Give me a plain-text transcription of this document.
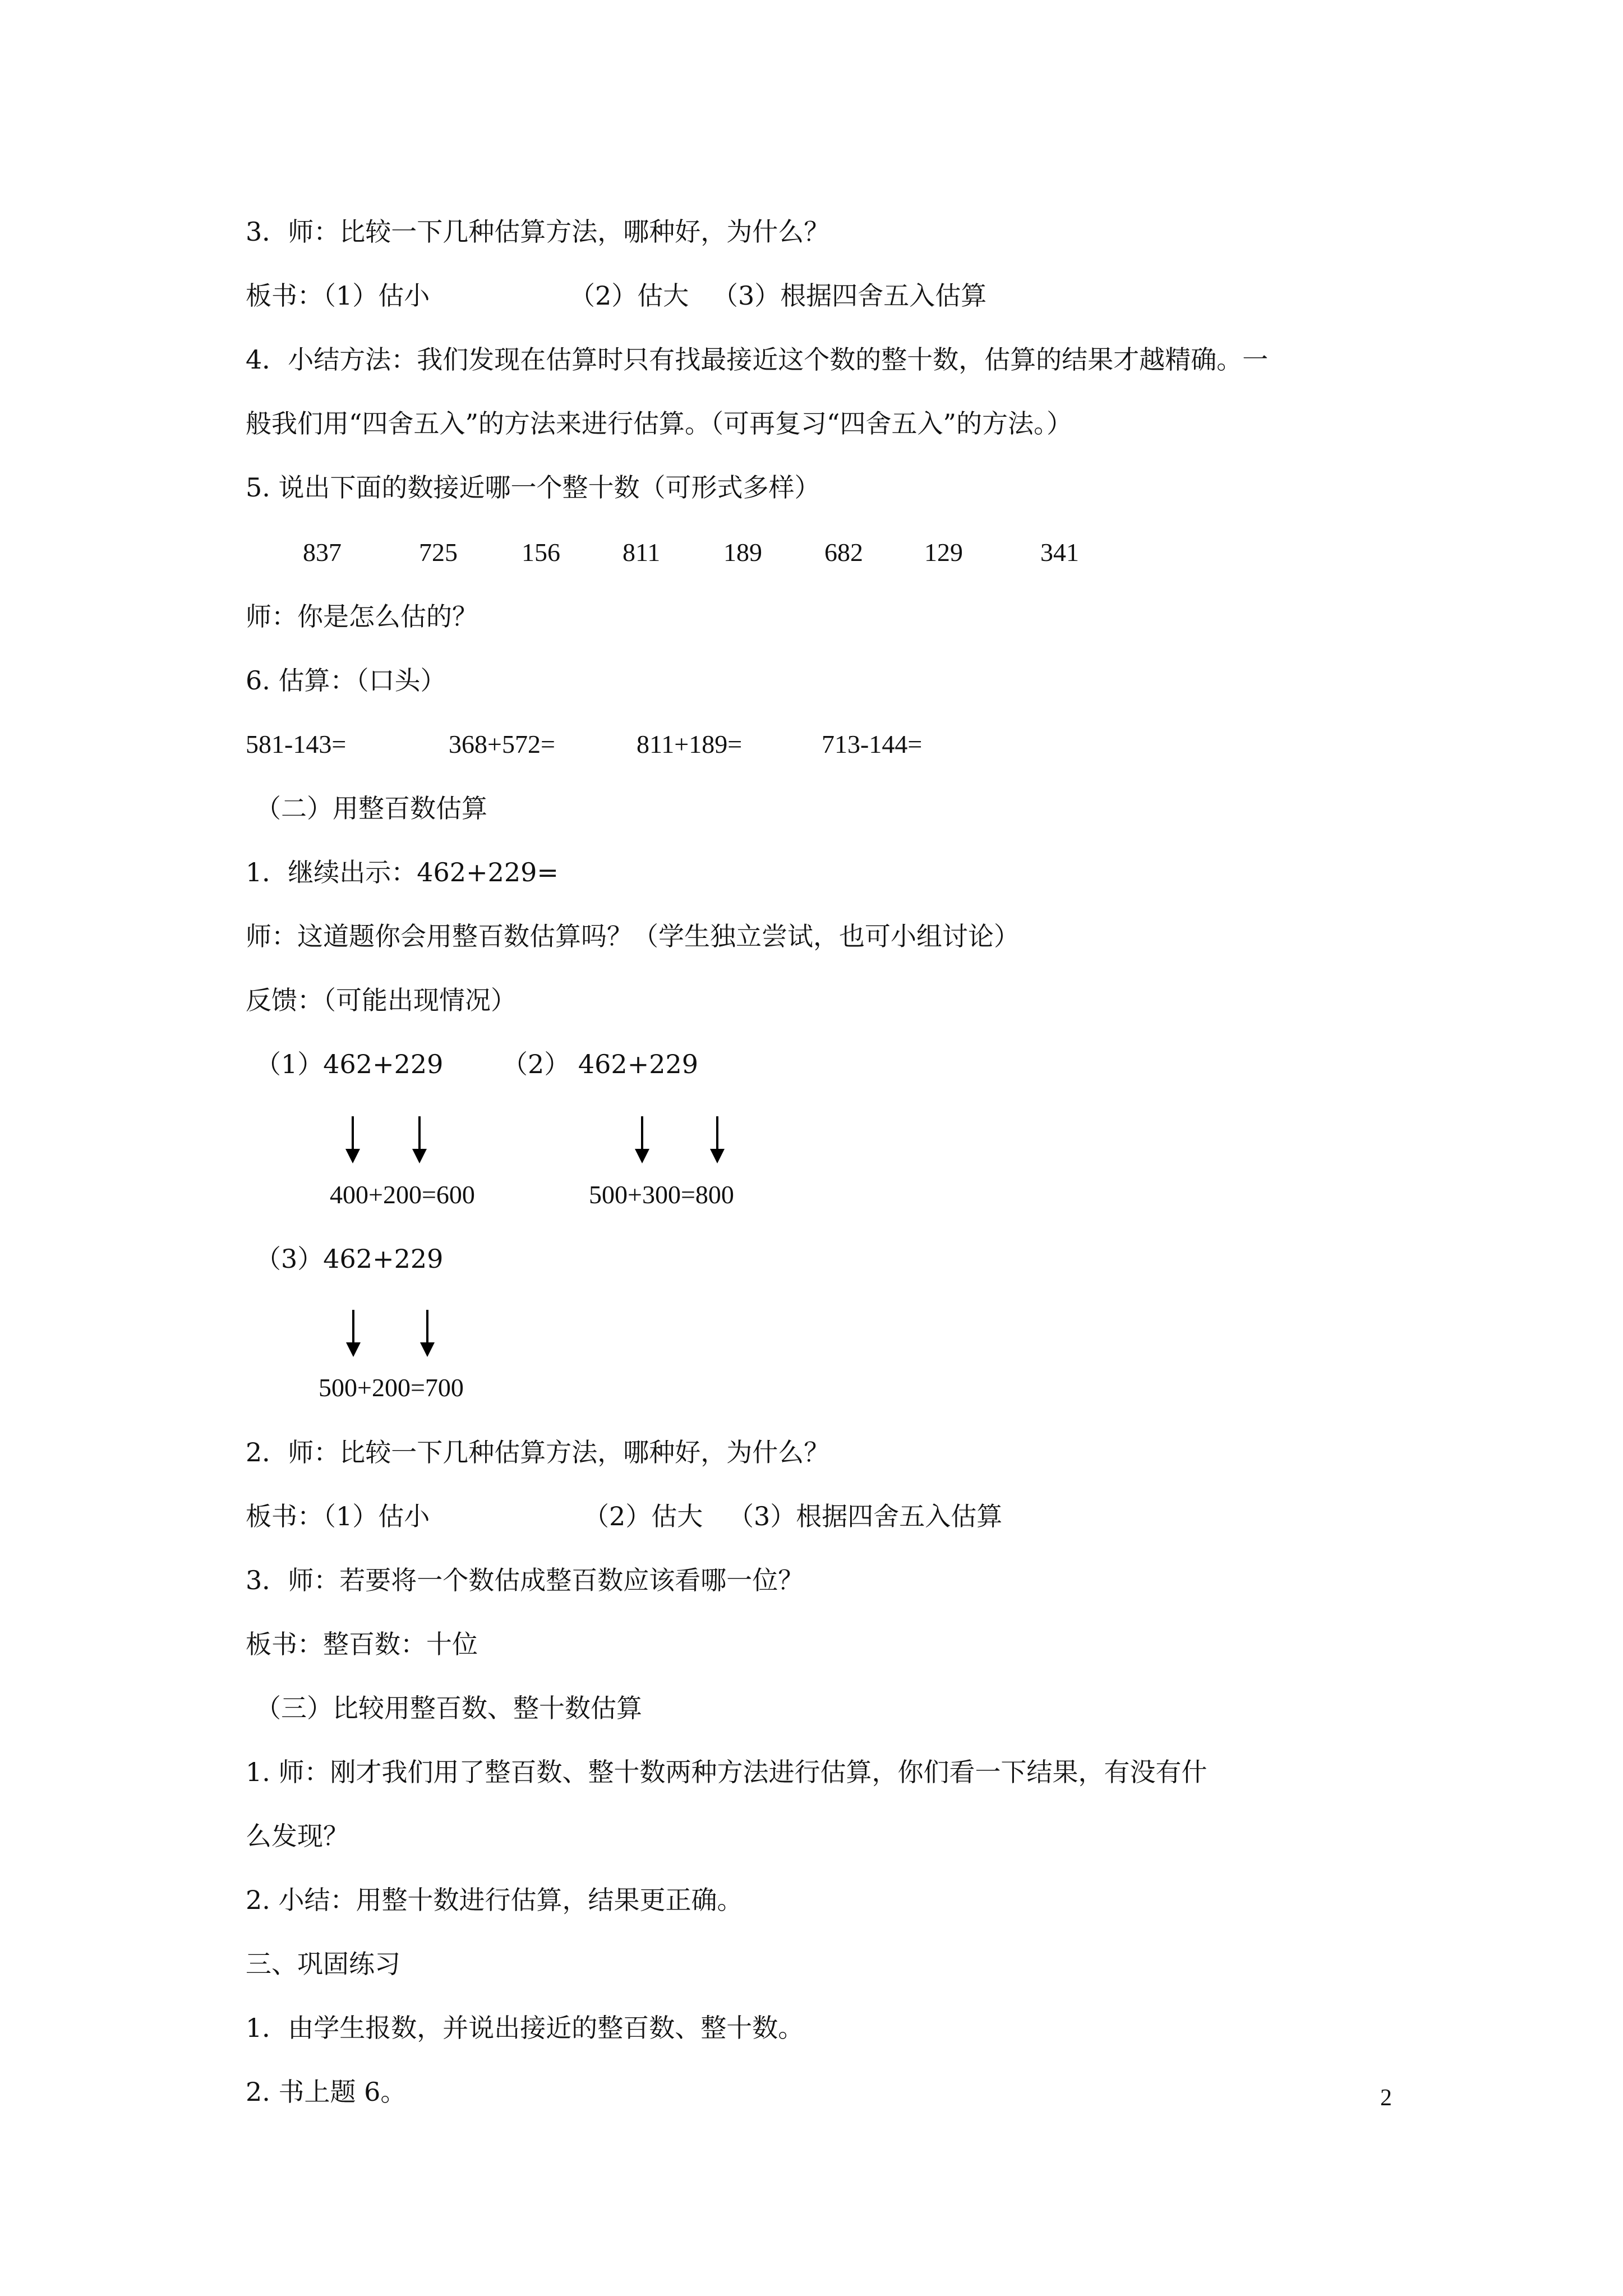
3．师：比较一下几种估算方法，哪种好，为什么？
板书：（1）估小	（2）估大 （3）根据四舍五入估算
4．小结方法：我们发现在估算时只有找最接近这个数的整十数，估算的结果才越精确。一
般我们用“四舍五入”的方法来进行估算。（可再复习“四舍五入”的方法。）
5. 说出下面的数接近哪一个整十数（可形式多样）
837	725 156 811 189 682 129	341
师：你是怎么估的？
6. 估算：（口头）
581-143=	368+572=	811+189=	713-144=
（二）用整百数估算
1．继续出示：462+229=
师：这道题你会用整百数估算吗？（学生独立尝试，也可小组讨论）
反馈：（可能出现情况）
（1）462+229 （2） 462+229
400+200=600	500+300=800
（3）462+229
500+200=700
2．师：比较一下几种估算方法，哪种好，为什么？
板书：（1）估小	（2）估大 （3）根据四舍五入估算
3．师：若要将一个数估成整百数应该看哪一位？
板书：整百数：十位
（三）比较用整百数、整十数估算
1. 师：刚才我们用了整百数、整十数两种方法进行估算，你们看一下结果，有没有什
么发现？
2. 小结：用整十数进行估算，结果更正确。
三、巩固练习
1．由学生报数，并说出接近的整百数、整十数。
2. 书上题 6。	2
